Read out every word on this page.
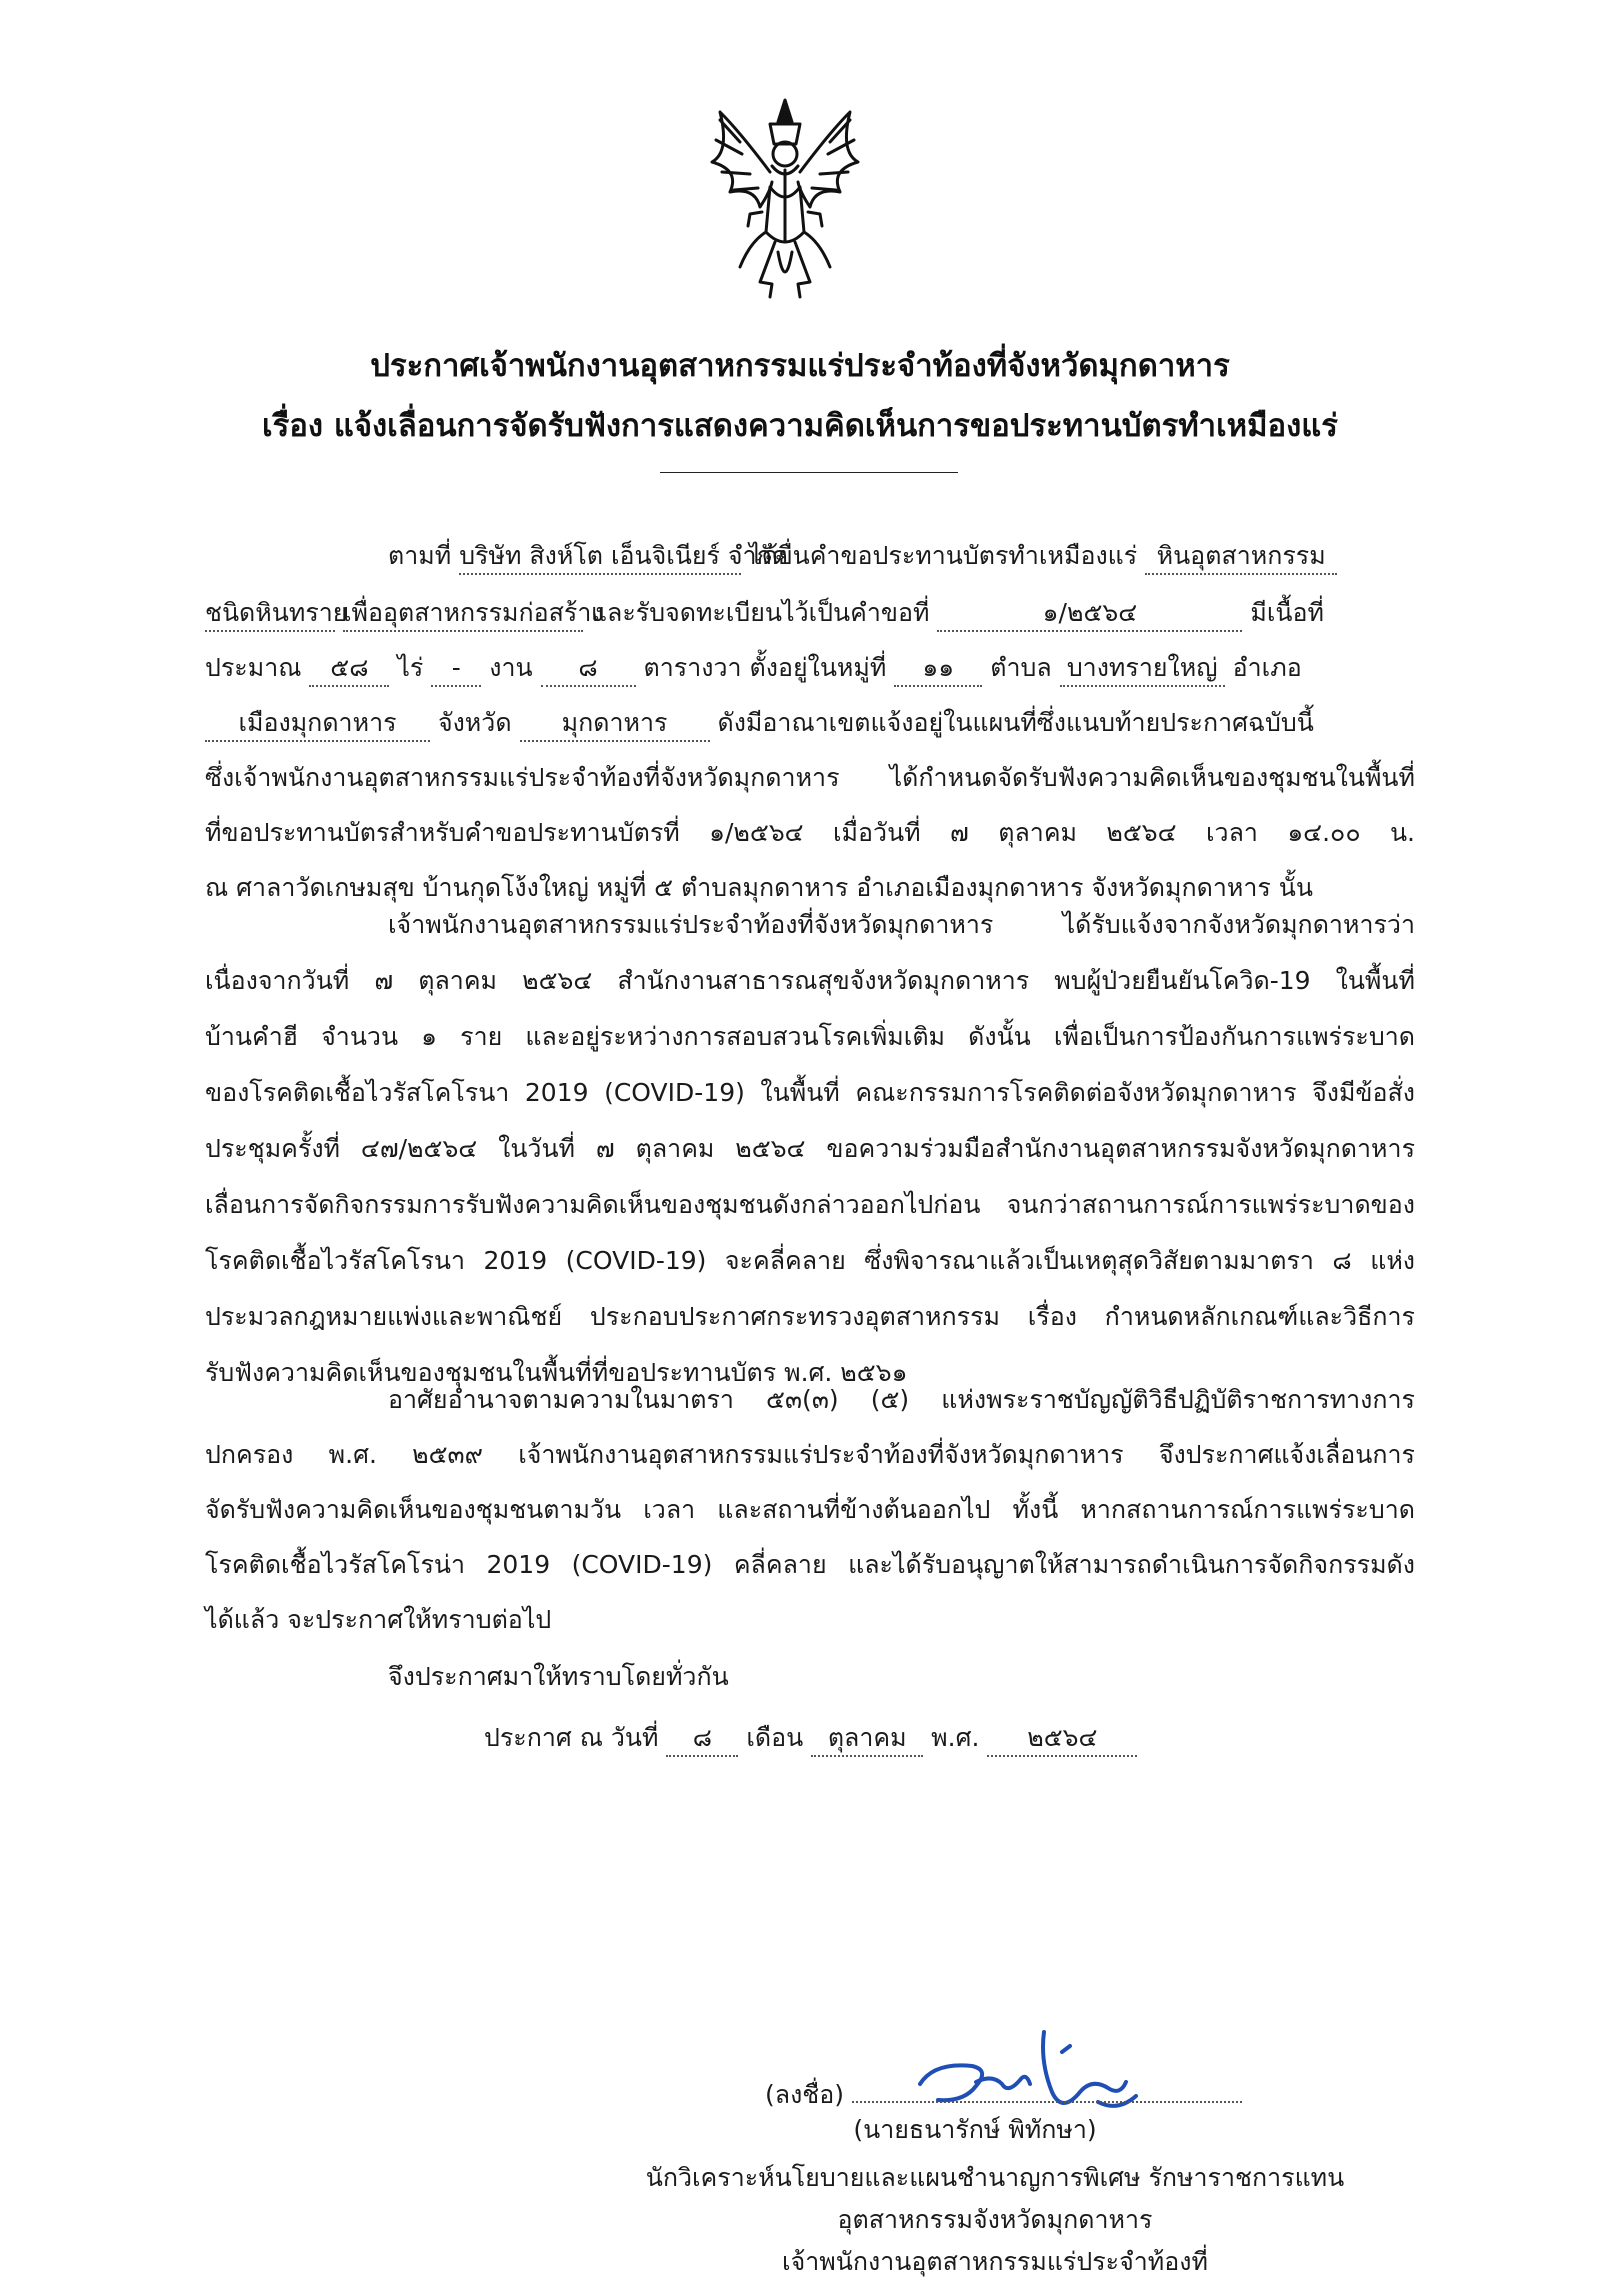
ประกาศเจ้าพนักงานอุตสาหกรรมแร่ประจำท้องที่จังหวัดมุกดาหาร
เรื่อง แจ้งเลื่อนการจัดรับฟังการแสดงความคิดเห็นการขอประทานบัตรทำเหมืองแร่
ตามที่ บริษัท สิงห์โต เอ็นจิเนียร์ จำกัด ได้ยื่นคำขอประทานบัตรทำเหมืองแร่ หินอุตสาหกรรม
ชนิดหินทราย เพื่ออุตสาหกรรมก่อสร้าง และรับจดทะเบียนไว้เป็นคำขอที่	๑/๒๕๖๔	มีเนื้อที่
ประมาณ ๕๘ ไร่ - งาน ๘ ตารางวา ตั้งอยู่ในหมู่ที่ ๑๑ ตำบล บางทรายใหญ่ อำเภอ
เมืองมุกดาหาร จังหวัด มุกดาหาร ดังมีอาณาเขตแจ้งอยู่ในแผนที่ซึ่งแนบท้ายประกาศฉบับนี้
ซึ่งเจ้าพนักงานอุตสาหกรรมแร่ประจำท้องที่จังหวัดมุกดาหาร ได้กำหนดจัดรับฟังความคิดเห็นของชุมชนในพื้นที่
ที่ขอประทานบัตรสำหรับคำขอประทานบัตรที่ ๑/๒๕๖๔ เมื่อวันที่ ๗ ตุลาคม ๒๕๖๔ เวลา ๑๔.๐๐ น.
ณ ศาลาวัดเกษมสุข บ้านกุดโง้งใหญ่ หมู่ที่ ๕ ตำบลมุกดาหาร อำเภอเมืองมุกดาหาร จังหวัดมุกดาหาร นั้น
เจ้าพนักงานอุตสาหกรรมแร่ประจำท้องที่จังหวัดมุกดาหาร ได้รับแจ้งจากจังหวัดมุกดาหารว่า
เนื่องจากวันที่ ๗ ตุลาคม ๒๕๖๔ สำนักงานสาธารณสุขจังหวัดมุกดาหาร พบผู้ป่วยยืนยันโควิด-19 ในพื้นที่
บ้านคำฮี จำนวน ๑ ราย และอยู่ระหว่างการสอบสวนโรคเพิ่มเติม ดังนั้น เพื่อเป็นการป้องกันการแพร่ระบาด
ของโรคติดเชื้อไวรัสโคโรนา 2019 (COVID-19) ในพื้นที่ คณะกรรมการโรคติดต่อจังหวัดมุกดาหาร จึงมีข้อสั่ง
ประชุมครั้งที่ ๔๗/๒๕๖๔ ในวันที่ ๗ ตุลาคม ๒๕๖๔ ขอความร่วมมือสำนักงานอุตสาหกรรมจังหวัดมุกดาหาร
เลื่อนการจัดกิจกรรมการรับฟังความคิดเห็นของชุมชนดังกล่าวออกไปก่อน จนกว่าสถานการณ์การแพร่ระบาดของ
โรคติดเชื้อไวรัสโคโรนา 2019 (COVID-19) จะคลี่คลาย ซึ่งพิจารณาแล้วเป็นเหตุสุดวิสัยตามมาตรา ๘ แห่ง
ประมวลกฎหมายแพ่งและพาณิชย์ ประกอบประกาศกระทรวงอุตสาหกรรม เรื่อง กำหนดหลักเกณฑ์และวิธีการ
รับฟังความคิดเห็นของชุมชนในพื้นที่ที่ขอประทานบัตร พ.ศ. ๒๕๖๑
อาศัยอำนาจตามความในมาตรา ๕๓(๓) (๕) แห่งพระราชบัญญัติวิธีปฏิบัติราชการทางการ
ปกครอง พ.ศ. ๒๕๓๙ เจ้าพนักงานอุตสาหกรรมแร่ประจำท้องที่จังหวัดมุกดาหาร จึงประกาศแจ้งเลื่อนการ
จัดรับฟังความคิดเห็นของชุมชนตามวัน เวลา และสถานที่ข้างต้นออกไป ทั้งนี้ หากสถานการณ์การแพร่ระบาด
โรคติดเชื้อไวรัสโคโรน่า 2019 (COVID-19) คลี่คลาย และได้รับอนุญาตให้สามารถดำเนินการจัดกิจกรรมดัง
ได้แล้ว จะประกาศให้ทราบต่อไป
จึงประกาศมาให้ทราบโดยทั่วกัน
ประกาศ ณ วันที่ ๘ เดือน ตุลาคม พ.ศ. ๒๕๖๔
(ลงชื่อ)
(นายธนารักษ์ พิทักษา)
นักวิเคราะห์นโยบายและแผนชำนาญการพิเศษ รักษาราชการแทน
อุตสาหกรรมจังหวัดมุกดาหาร
เจ้าพนักงานอุตสาหกรรมแร่ประจำท้องที่
